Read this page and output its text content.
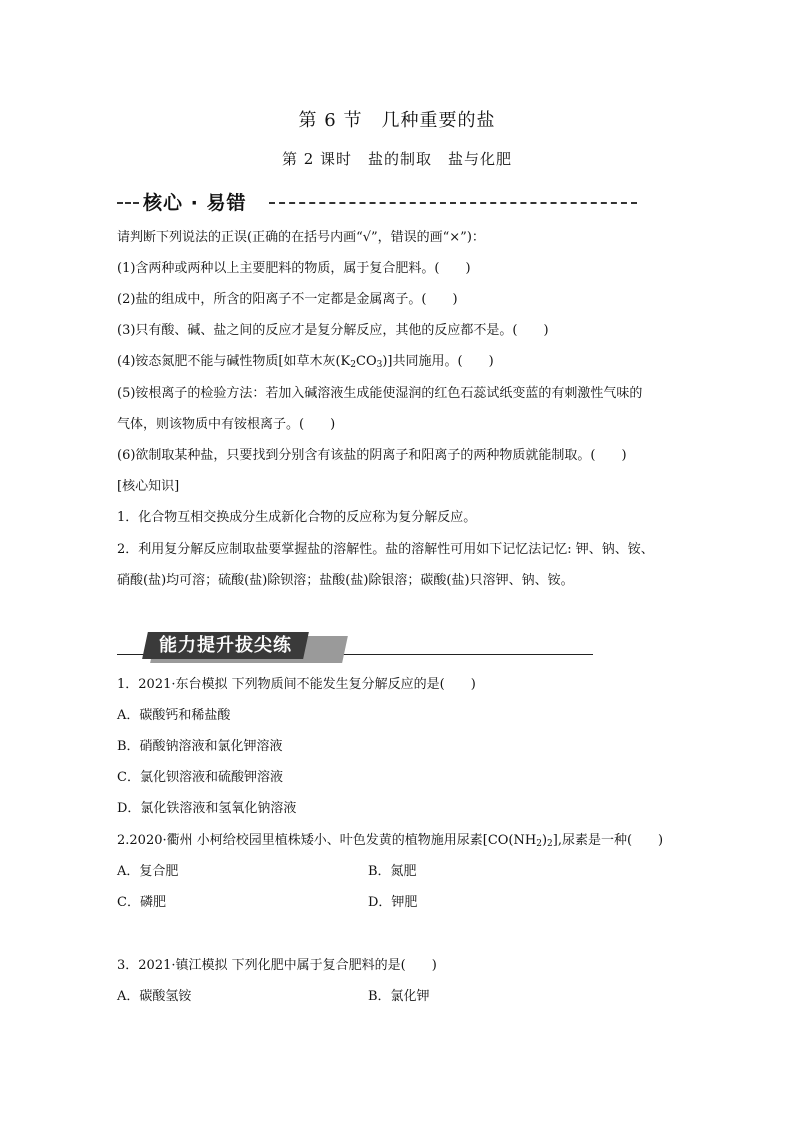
第 6 节　几种重要的盐
第 2 课时　盐的制取　盐与化肥
核心 · 易错
请判断下列说法的正误(正确的在括号内画“√”，错误的画“×”)：
(1)含两种或两种以上主要肥料的物质，属于复合肥料。(　　)
(2)盐的组成中，所含的阳离子不一定都是金属离子。(　　)
(3)只有酸、碱、盐之间的反应才是复分解反应，其他的反应都不是。(　　)
(4)铵态氮肥不能与碱性物质[如草木灰$(K_2CO_3)$]共同施用。(　　)
(5)铵根离子的检验方法：若加入碱溶液生成能使湿润的红色石蕊试纸变蓝的有刺激性气味的
气体，则该物质中有铵根离子。(　　)
(6)欲制取某种盐，只要找到分别含有该盐的阴离子和阳离子的两种物质就能制取。(　　)
[核心知识]
1．化合物互相交换成分生成新化合物的反应称为复分解反应。
2．利用复分解反应制取盐要掌握盐的溶解性。盐的溶解性可用如下记忆法记忆: 钾、钠、铵、
硝酸(盐)均可溶；硫酸(盐)除钡溶；盐酸(盐)除银溶；碳酸(盐)只溶钾、钠、铵。
能力提升拔尖练
1．2021·东台模拟 下列物质间不能发生复分解反应的是(　　)
A．碳酸钙和稀盐酸
B．硝酸钠溶液和氯化钾溶液
C．氯化钡溶液和硫酸钾溶液
D．氯化铁溶液和氢氧化钠溶液
2.2020·衢州 小柯给校园里植株矮小、叶色发黄的植物施用尿素$[CO(NH_2)_2]$,尿素是一种(　　)
A．复合肥	B．氮肥
C．磷肥	D．钾肥
3．2021·镇江模拟 下列化肥中属于复合肥料的是(　　)
A．碳酸氢铵	B．氯化钾
